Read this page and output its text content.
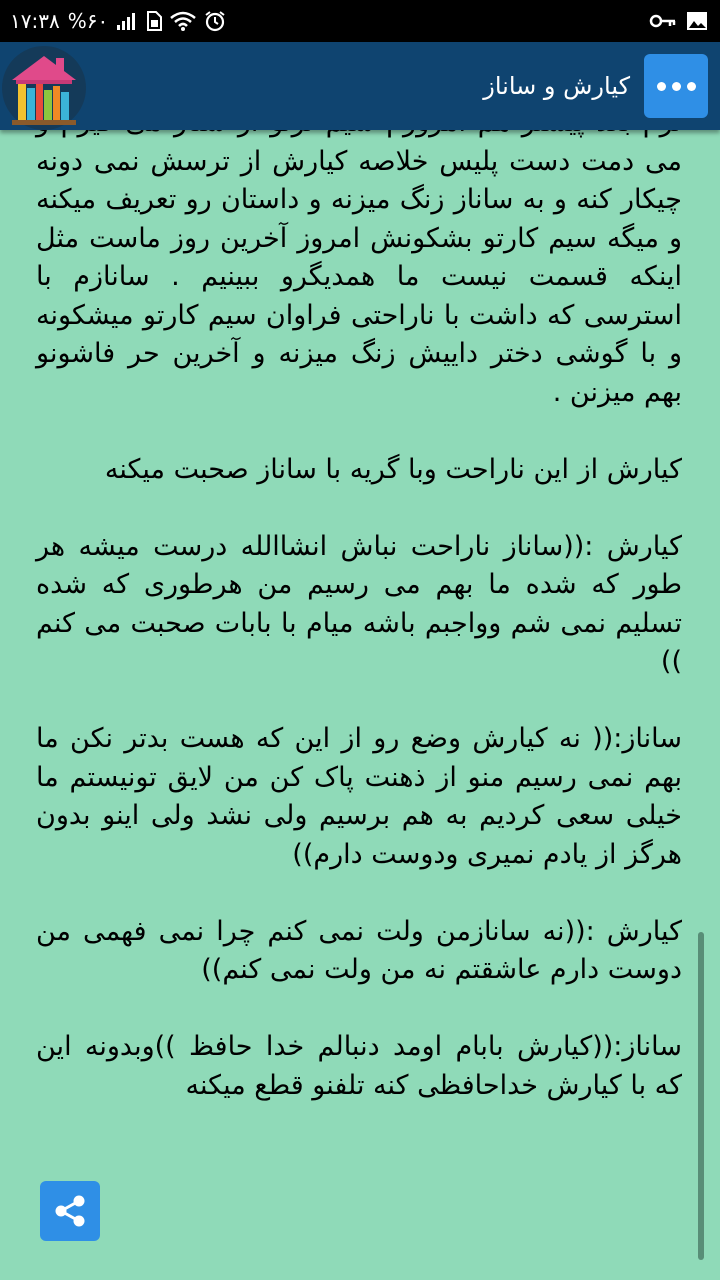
۱۷:۳۸ %۶۰
کیارش و ساناز

می دمت دست پلیس خلاصه کیارش از ترسش نمی دونه چیکار کنه و به ساناز زنگ میزنه و داستان رو تعریف میکنه و میگه سیم کارتو بشکونش امروز آخرین روز ماست مثل اینکه قسمت نیست ما همدیگرو ببینیم . سانازم با استرسی که داشت با ناراحتی فراوان سیم کارتو میشکونه و با گوشی دختر داییش زنگ میزنه و آخرین حر فاشونو بهم میزنن .

کیارش از این ناراحت وبا گریه با ساناز صحبت میکنه

کیارش :((ساناز ناراحت نباش انشاالله درست میشه هر طور که شده ما بهم می رسیم من هرطوری که شده تسلیم نمی شم وواجبم باشه میام با بابات صحبت می کنم ))

ساناز:(( نه کیارش وضع رو از این که هست بدتر نکن ما بهم نمی رسیم منو از ذهنت پاک کن من لایق تونیستم ما خیلی سعی کردیم به هم برسیم ولی نشد ولی اینو بدون هرگز از یادم نمیری ودوست دارم))

کیارش :((نه سانازمن ولت نمی کنم چرا نمی فهمی من دوست دارم عاشقتم نه من ولت نمی کنم))

ساناز:((کیارش بابام اومد دنبالم خدا حافظ ))وبدونه این که با کیارش خداحافظی کنه تلفنو قطع میکنه
